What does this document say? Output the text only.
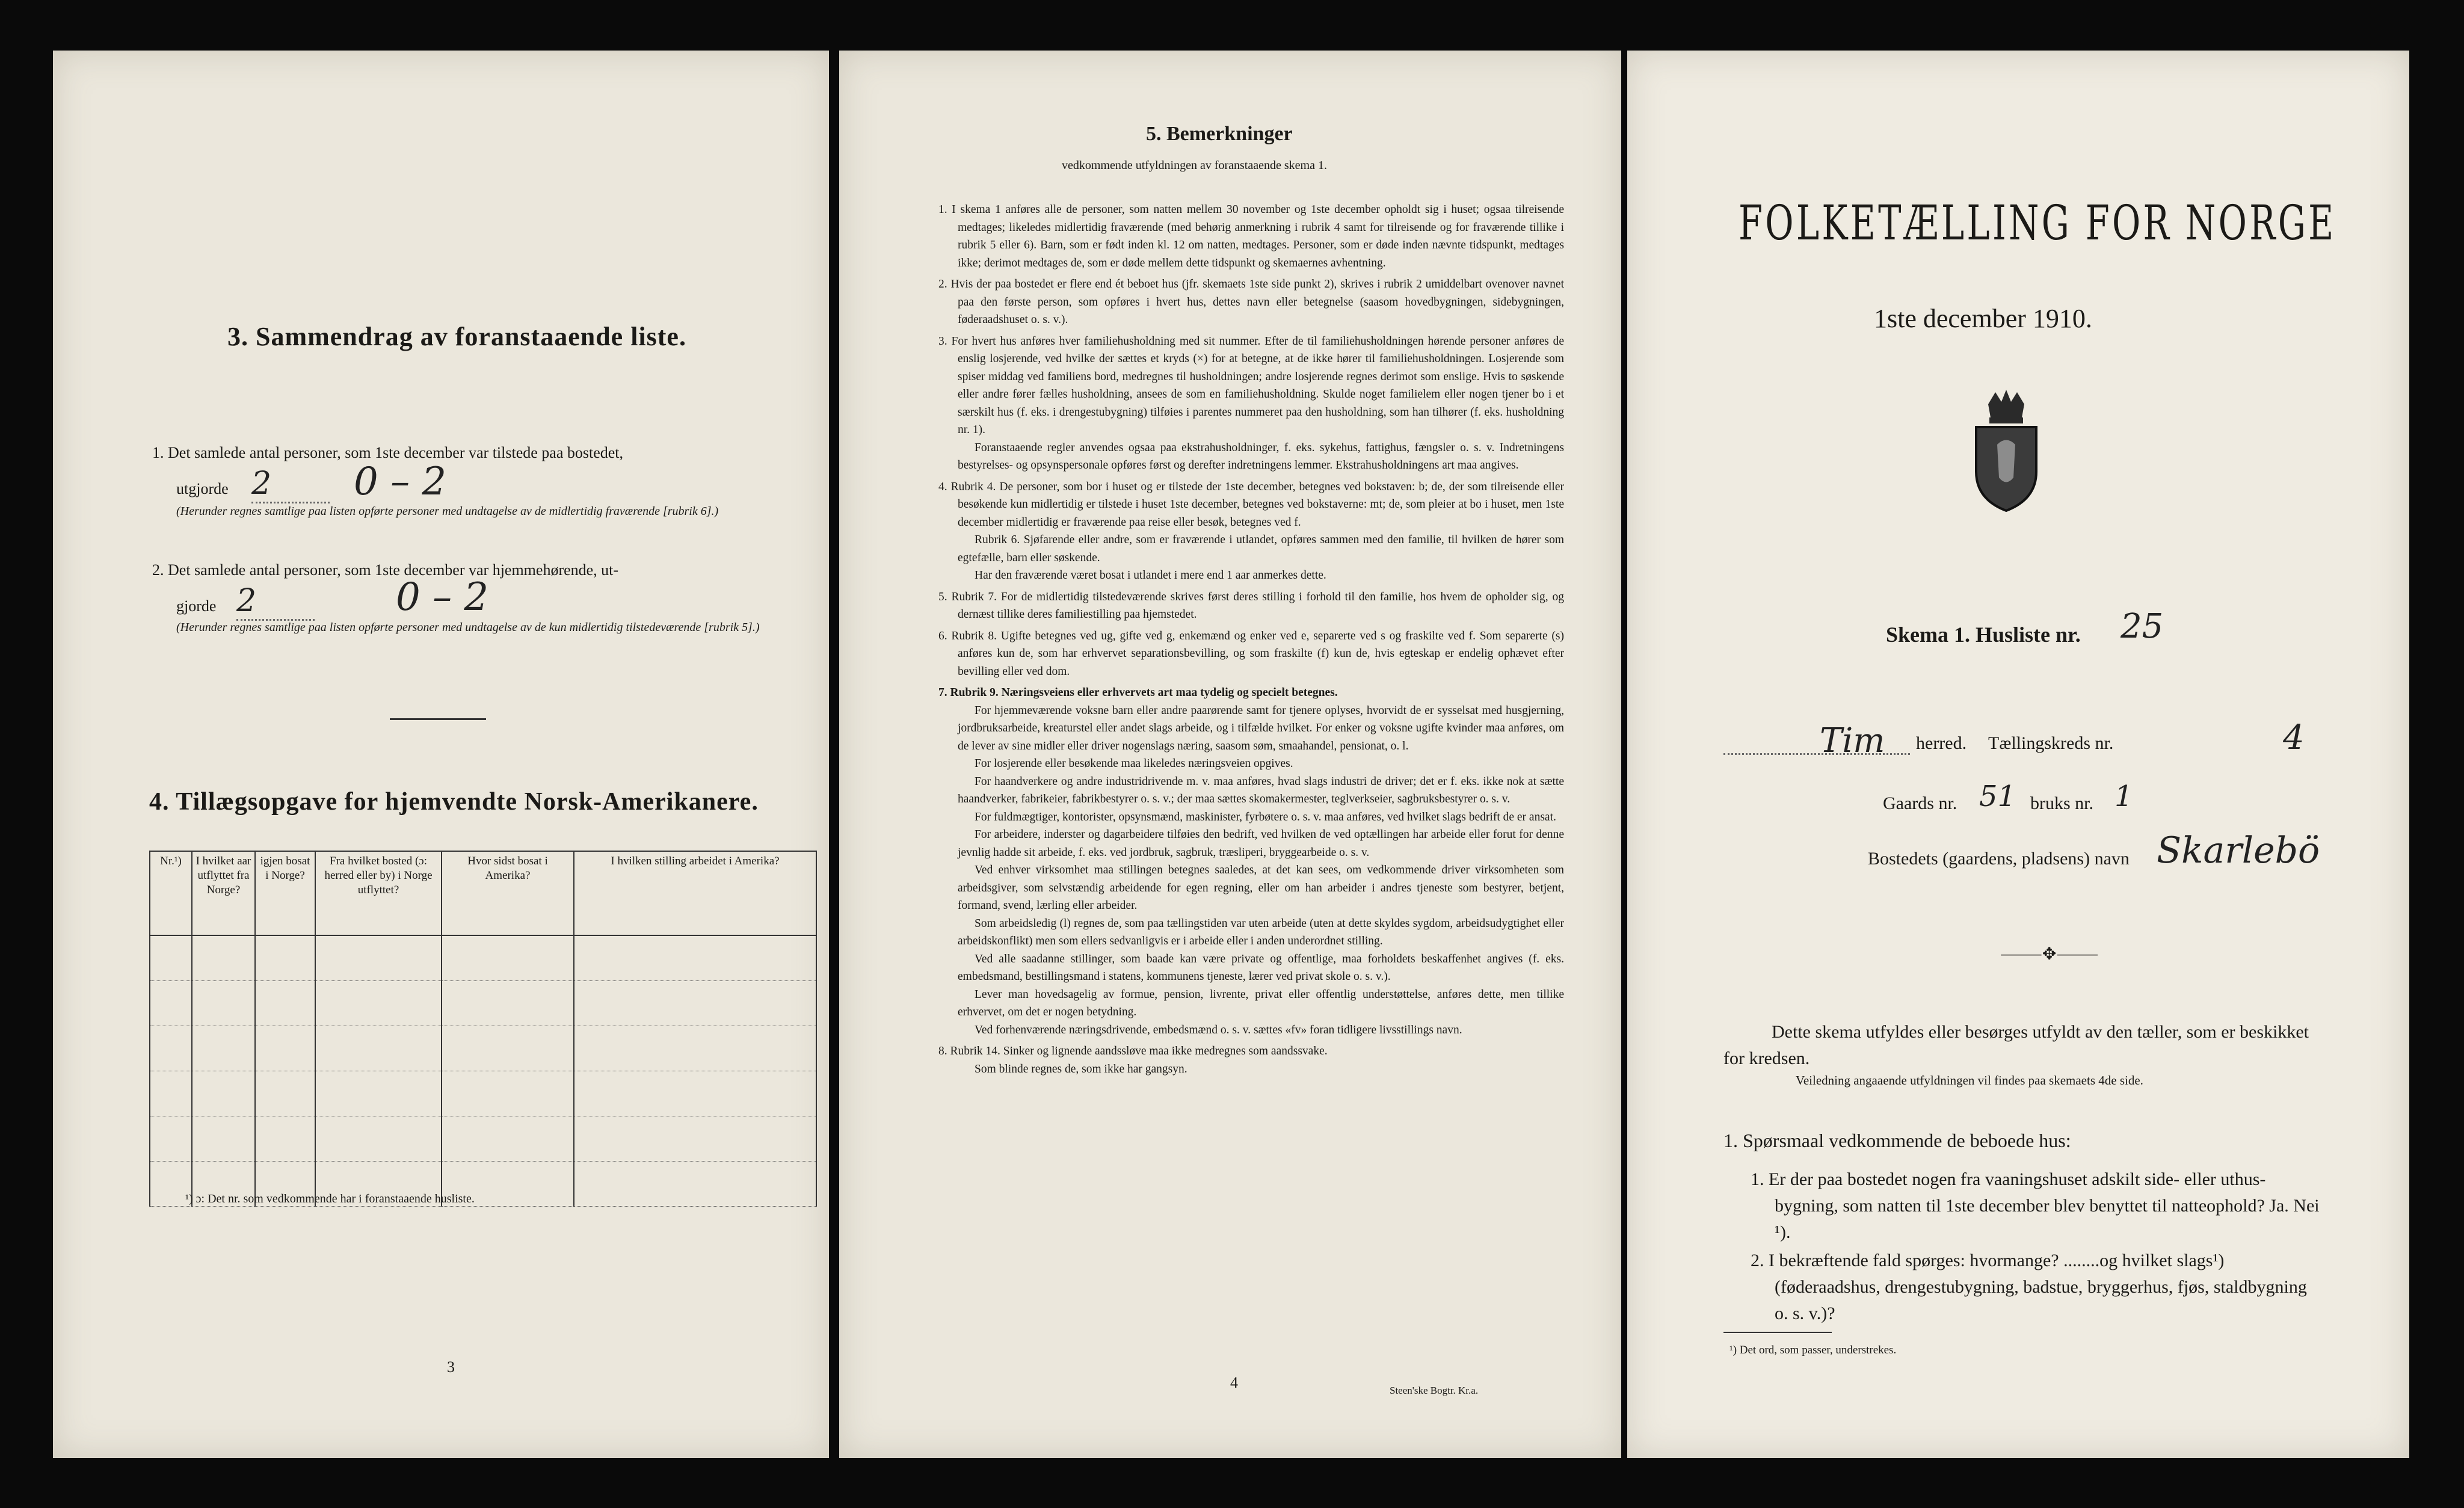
3. Sammendrag av foranstaaende liste.
1. Det samlede antal personer, som 1ste december var tilstede paa bostedet,
utgjorde 2	0 – 2
(Herunder regnes samtlige paa listen opførte personer med undtagelse av de midlertidig fraværende [rubrik 6].)
2. Det samlede antal personer, som 1ste december var hjemmehørende, ut-
gjorde 2	0 – 2
(Herunder regnes samtlige paa listen opførte personer med undtagelse av de kun midlertidig tilstedeværende [rubrik 5].)
4. Tillægsopgave for hjemvendte Norsk-Amerikanere.
Nr.¹)	I hvilket aar utflyttet fra Norge?	igjen bosat i Norge?	Fra hvilket bosted (ɔ: herred eller by) i Norge utflyttet?	Hvor sidst bosat i Amerika?	I hvilken stilling arbeidet i Amerika?

¹) ɔ: Det nr. som vedkommende har i foranstaaende husliste.
3
5. Bemerkninger
vedkommende utfyldningen av foranstaaende skema 1.

1. I skema 1 anføres alle de personer, som natten mellem 30 november og 1ste december opholdt sig i huset; ogsaa tilreisende medtages; likeledes midlertidig fraværende (med behørig anmerkning i rubrik 4 samt for tilreisende og for fraværende tillike i rubrik 5 eller 6). Barn, som er født inden kl. 12 om natten, medtages. Personer, som er døde inden nævnte tidspunkt, medtages ikke; derimot medtages de, som er døde mellem dette tidspunkt og skemaernes avhentning.

2. Hvis der paa bostedet er flere end ét beboet hus (jfr. skemaets 1ste side punkt 2), skrives i rubrik 2 umiddelbart ovenover navnet paa den første person, som opføres i hvert hus, dettes navn eller betegnelse (saasom hovedbygningen, sidebygningen, føderaadshuset o. s. v.).

3. For hvert hus anføres hver familiehusholdning med sit nummer. Efter de til familiehusholdningen hørende personer anføres de enslig losjerende, ved hvilke der sættes et kryds (×) for at betegne, at de ikke hører til familiehusholdningen. Losjerende som spiser middag ved familiens bord, medregnes til husholdningen; andre losjerende regnes derimot som enslige. Hvis to søskende eller andre fører fælles husholdning, ansees de som en familiehusholdning. Skulde noget familielem eller nogen tjener bo i et særskilt hus (f. eks. i drengestubygning) tilføies i parentes nummeret paa den husholdning, som han tilhører (f. eks. husholdning nr. 1).

Foranstaaende regler anvendes ogsaa paa ekstrahusholdninger, f. eks. sykehus, fattighus, fængsler o. s. v. Indretningens bestyrelses- og opsynspersonale opføres først og derefter indretningens lemmer. Ekstrahusholdningens art maa angives.

4. Rubrik 4. De personer, som bor i huset og er tilstede der 1ste december, betegnes ved bokstaven: b; de, der som tilreisende eller besøkende kun midlertidig er tilstede i huset 1ste december, betegnes ved bokstaverne: mt; de, som pleier at bo i huset, men 1ste december midlertidig er fraværende paa reise eller besøk, betegnes ved f.

Rubrik 6. Sjøfarende eller andre, som er fraværende i utlandet, opføres sammen med den familie, til hvilken de hører som egtefælle, barn eller søskende.

Har den fraværende været bosat i utlandet i mere end 1 aar anmerkes dette.

5. Rubrik 7. For de midlertidig tilstedeværende skrives først deres stilling i forhold til den familie, hos hvem de opholder sig, og dernæst tillike deres familiestilling paa hjemstedet.

6. Rubrik 8. Ugifte betegnes ved ug, gifte ved g, enkemænd og enker ved e, separerte ved s og fraskilte ved f. Som separerte (s) anføres kun de, som har erhvervet separationsbevilling, og som fraskilte (f) kun de, hvis egteskap er endelig ophævet efter bevilling eller ved dom.

7. Rubrik 9. Næringsveiens eller erhvervets art maa tydelig og specielt betegnes.

For hjemmeværende voksne barn eller andre paarørende samt for tjenere oplyses, hvorvidt de er sysselsat med husgjerning, jordbruksarbeide, kreaturstel eller andet slags arbeide, og i tilfælde hvilket. For enker og voksne ugifte kvinder maa anføres, om de lever av sine midler eller driver nogenslags næring, saasom søm, smaahandel, pensionat, o. l.

For losjerende eller besøkende maa likeledes næringsveien opgives.

For haandverkere og andre industridrivende m. v. maa anføres, hvad slags industri de driver; det er f. eks. ikke nok at sætte haandverker, fabrikeier, fabrikbestyrer o. s. v.; der maa sættes skomakermester, teglverkseier, sagbruksbestyrer o. s. v.

For fuldmægtiger, kontorister, opsynsmænd, maskinister, fyrbøtere o. s. v. maa anføres, ved hvilket slags bedrift de er ansat.

For arbeidere, inderster og dagarbeidere tilføies den bedrift, ved hvilken de ved optællingen har arbeide eller forut for denne jevnlig hadde sit arbeide, f. eks. ved jordbruk, sagbruk, træsliperi, bryggearbeide o. s. v.

Ved enhver virksomhet maa stillingen betegnes saaledes, at det kan sees, om vedkommende driver virksomheten som arbeidsgiver, som selvstændig arbeidende for egen regning, eller om han arbeider i andres tjeneste som bestyrer, betjent, formand, svend, lærling eller arbeider.

Som arbeidsledig (l) regnes de, som paa tællingstiden var uten arbeide (uten at dette skyldes sygdom, arbeidsudygtighet eller arbeidskonflikt) men som ellers sedvanligvis er i arbeide eller i anden underordnet stilling.

Ved alle saadanne stillinger, som baade kan være private og offentlige, maa forholdets beskaffenhet angives (f. eks. embedsmand, bestillingsmand i statens, kommunens tjeneste, lærer ved privat skole o. s. v.).

Lever man hovedsagelig av formue, pension, livrente, privat eller offentlig understøttelse, anføres dette, men tillike erhvervet, om det er nogen betydning.

Ved forhenværende næringsdrivende, embedsmænd o. s. v. sættes «fv» foran tidligere livsstillings navn.

8. Rubrik 14. Sinker og lignende aandssløve maa ikke medregnes som aandssvake.

Som blinde regnes de, som ikke har gangsyn.

4	Steen'ske Bogtr. Kr.a.
FOLKETÆLLING FOR NORGE
1ste december 1910.
Skema 1. Husliste nr. 25
Tim herred. Tællingskreds nr.	4
Gaards nr. 51 bruks nr. 1
Bostedets (gaardens, pladsens) navn Skarlebö
⸻✥⸻
Dette skema utfyldes eller besørges utfyldt av den tæller, som er beskikket for kredsen.
Veiledning angaaende utfyldningen vil findes paa skemaets 4de side.
1. Spørsmaal vedkommende de beboede hus:
1. Er der paa bostedet nogen fra vaaningshuset adskilt side- eller uthus-bygning, som natten til 1ste december blev benyttet til natteophold? Ja. Nei ¹).
2. I bekræftende fald spørges: hvormange? ........og hvilket slags¹) (føderaadshus, drengestubygning, badstue, bryggerhus, fjøs, staldbygning o. s. v.)?
¹) Det ord, som passer, understrekes.
